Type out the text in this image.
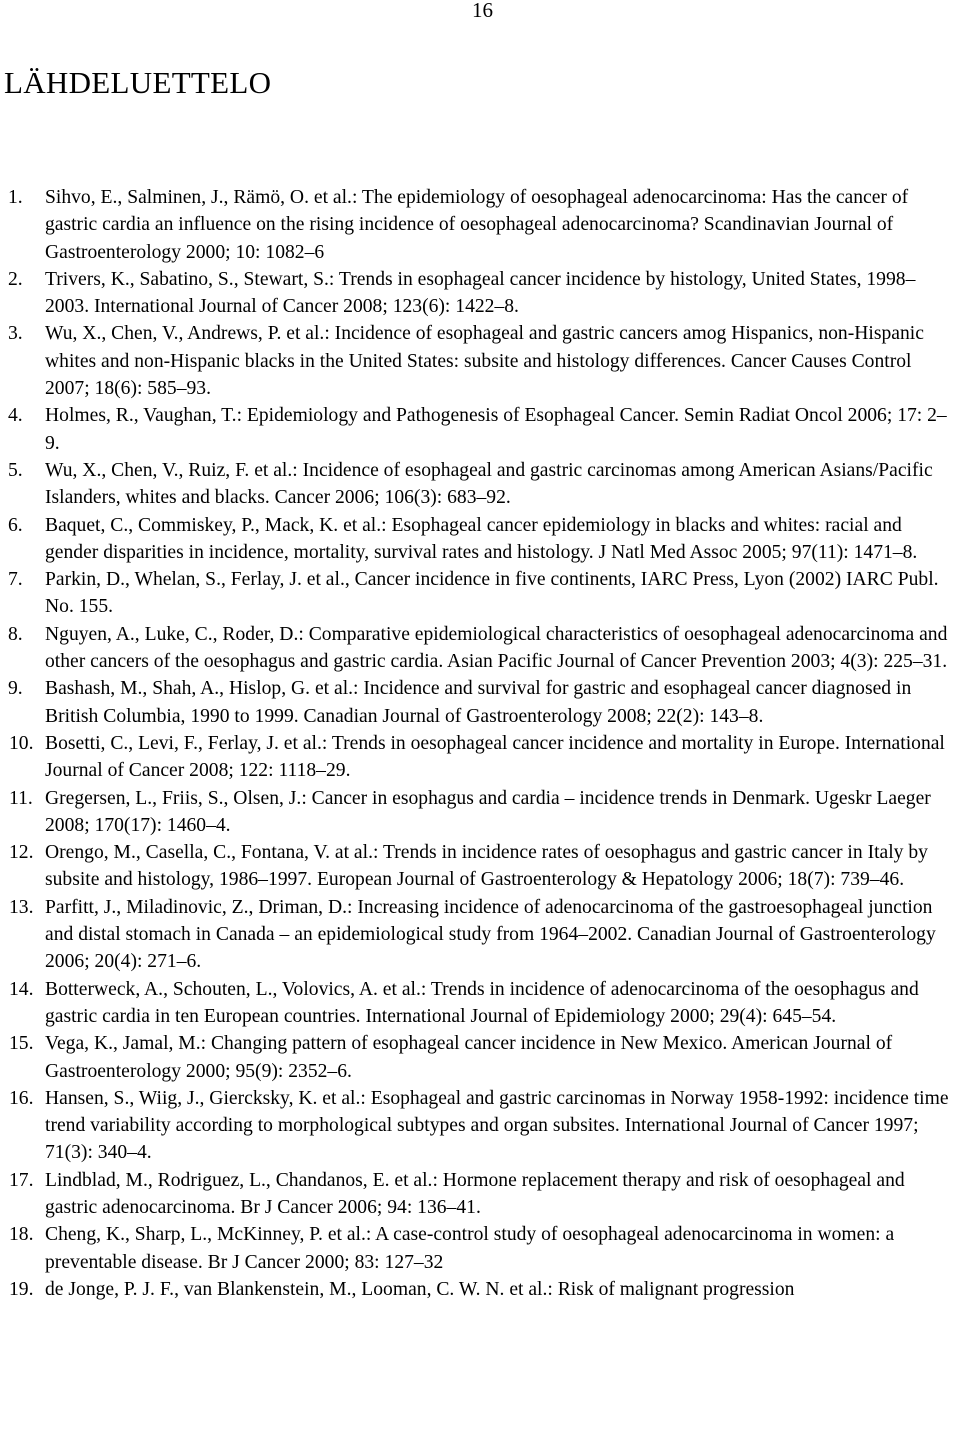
16
LÄHDELUETTELO
1. Sihvo, E., Salminen, J., Rämö, O. et al.: The epidemiology of oesophageal adenocarcinoma: Has the cancer of gastric cardia an influence on the rising incidence of oesophageal adenocarcinoma? Scandinavian Journal of Gastroenterology 2000; 10: 1082–6
2. Trivers, K., Sabatino, S., Stewart, S.: Trends in esophageal cancer incidence by histology, United States, 1998–2003. International Journal of Cancer 2008; 123(6): 1422–8.
3. Wu, X., Chen, V., Andrews, P. et al.: Incidence of esophageal and gastric cancers amog Hispanics, non-Hispanic whites and non-Hispanic blacks in the United States: subsite and histology differences. Cancer Causes Control 2007; 18(6): 585–93.
4. Holmes, R., Vaughan, T.: Epidemiology and Pathogenesis of Esophageal Cancer. Semin Radiat Oncol 2006; 17: 2–9.
5. Wu, X., Chen, V., Ruiz, F. et al.: Incidence of esophageal and gastric carcinomas among American Asians/Pacific Islanders, whites and blacks. Cancer 2006; 106(3): 683–92.
6. Baquet, C., Commiskey, P., Mack, K. et al.: Esophageal cancer epidemiology in blacks and whites: racial and gender disparities in incidence, mortality, survival rates and histology. J Natl Med Assoc 2005; 97(11): 1471–8.
7. Parkin, D., Whelan, S., Ferlay, J. et al., Cancer incidence in five continents, IARC Press, Lyon (2002) IARC Publ. No. 155.
8. Nguyen, A., Luke, C., Roder, D.: Comparative epidemiological characteristics of oesophageal adenocarcinoma and other cancers of the oesophagus and gastric cardia. Asian Pacific Journal of Cancer Prevention 2003; 4(3): 225–31.
9. Bashash, M., Shah, A., Hislop, G. et al.: Incidence and survival for gastric and esophageal cancer diagnosed in British Columbia, 1990 to 1999. Canadian Journal of Gastroenterology 2008; 22(2): 143–8.
10. Bosetti, C., Levi, F., Ferlay, J. et al.: Trends in oesophageal cancer incidence and mortality in Europe. International Journal of Cancer 2008; 122: 1118–29.
11. Gregersen, L., Friis, S., Olsen, J.: Cancer in esophagus and cardia – incidence trends in Denmark. Ugeskr Laeger 2008; 170(17): 1460–4.
12. Orengo, M., Casella, C., Fontana, V. at al.: Trends in incidence rates of oesophagus and gastric cancer in Italy by subsite and histology, 1986–1997. European Journal of Gastroenterology & Hepatology 2006; 18(7): 739–46.
13. Parfitt, J., Miladinovic, Z., Driman, D.: Increasing incidence of adenocarcinoma of the gastroesophageal junction and distal stomach in Canada – an epidemiological study from 1964–2002. Canadian Journal of Gastroenterology 2006; 20(4): 271–6.
14. Botterweck, A., Schouten, L., Volovics, A. et al.: Trends in incidence of adenocarcinoma of the oesophagus and gastric cardia in ten European countries. International Journal of Epidemiology 2000; 29(4): 645–54.
15. Vega, K., Jamal, M.: Changing pattern of esophageal cancer incidence in New Mexico. American Journal of Gastroenterology 2000; 95(9): 2352–6.
16. Hansen, S., Wiig, J., Giercksky, K. et al.: Esophageal and gastric carcinomas in Norway 1958-1992: incidence time trend variability according to morphological subtypes and organ subsites. International Journal of Cancer 1997; 71(3): 340–4.
17. Lindblad, M., Rodriguez, L., Chandanos, E. et al.: Hormone replacement therapy and risk of oesophageal and gastric adenocarcinoma. Br J Cancer 2006; 94: 136–41.
18. Cheng, K., Sharp, L., McKinney, P. et al.: A case-control study of oesophageal adenocarcinoma in women: a preventable disease. Br J Cancer 2000; 83: 127–32
19. de Jonge, P. J. F., van Blankenstein, M., Looman, C. W. N. et al.: Risk of malignant progression
